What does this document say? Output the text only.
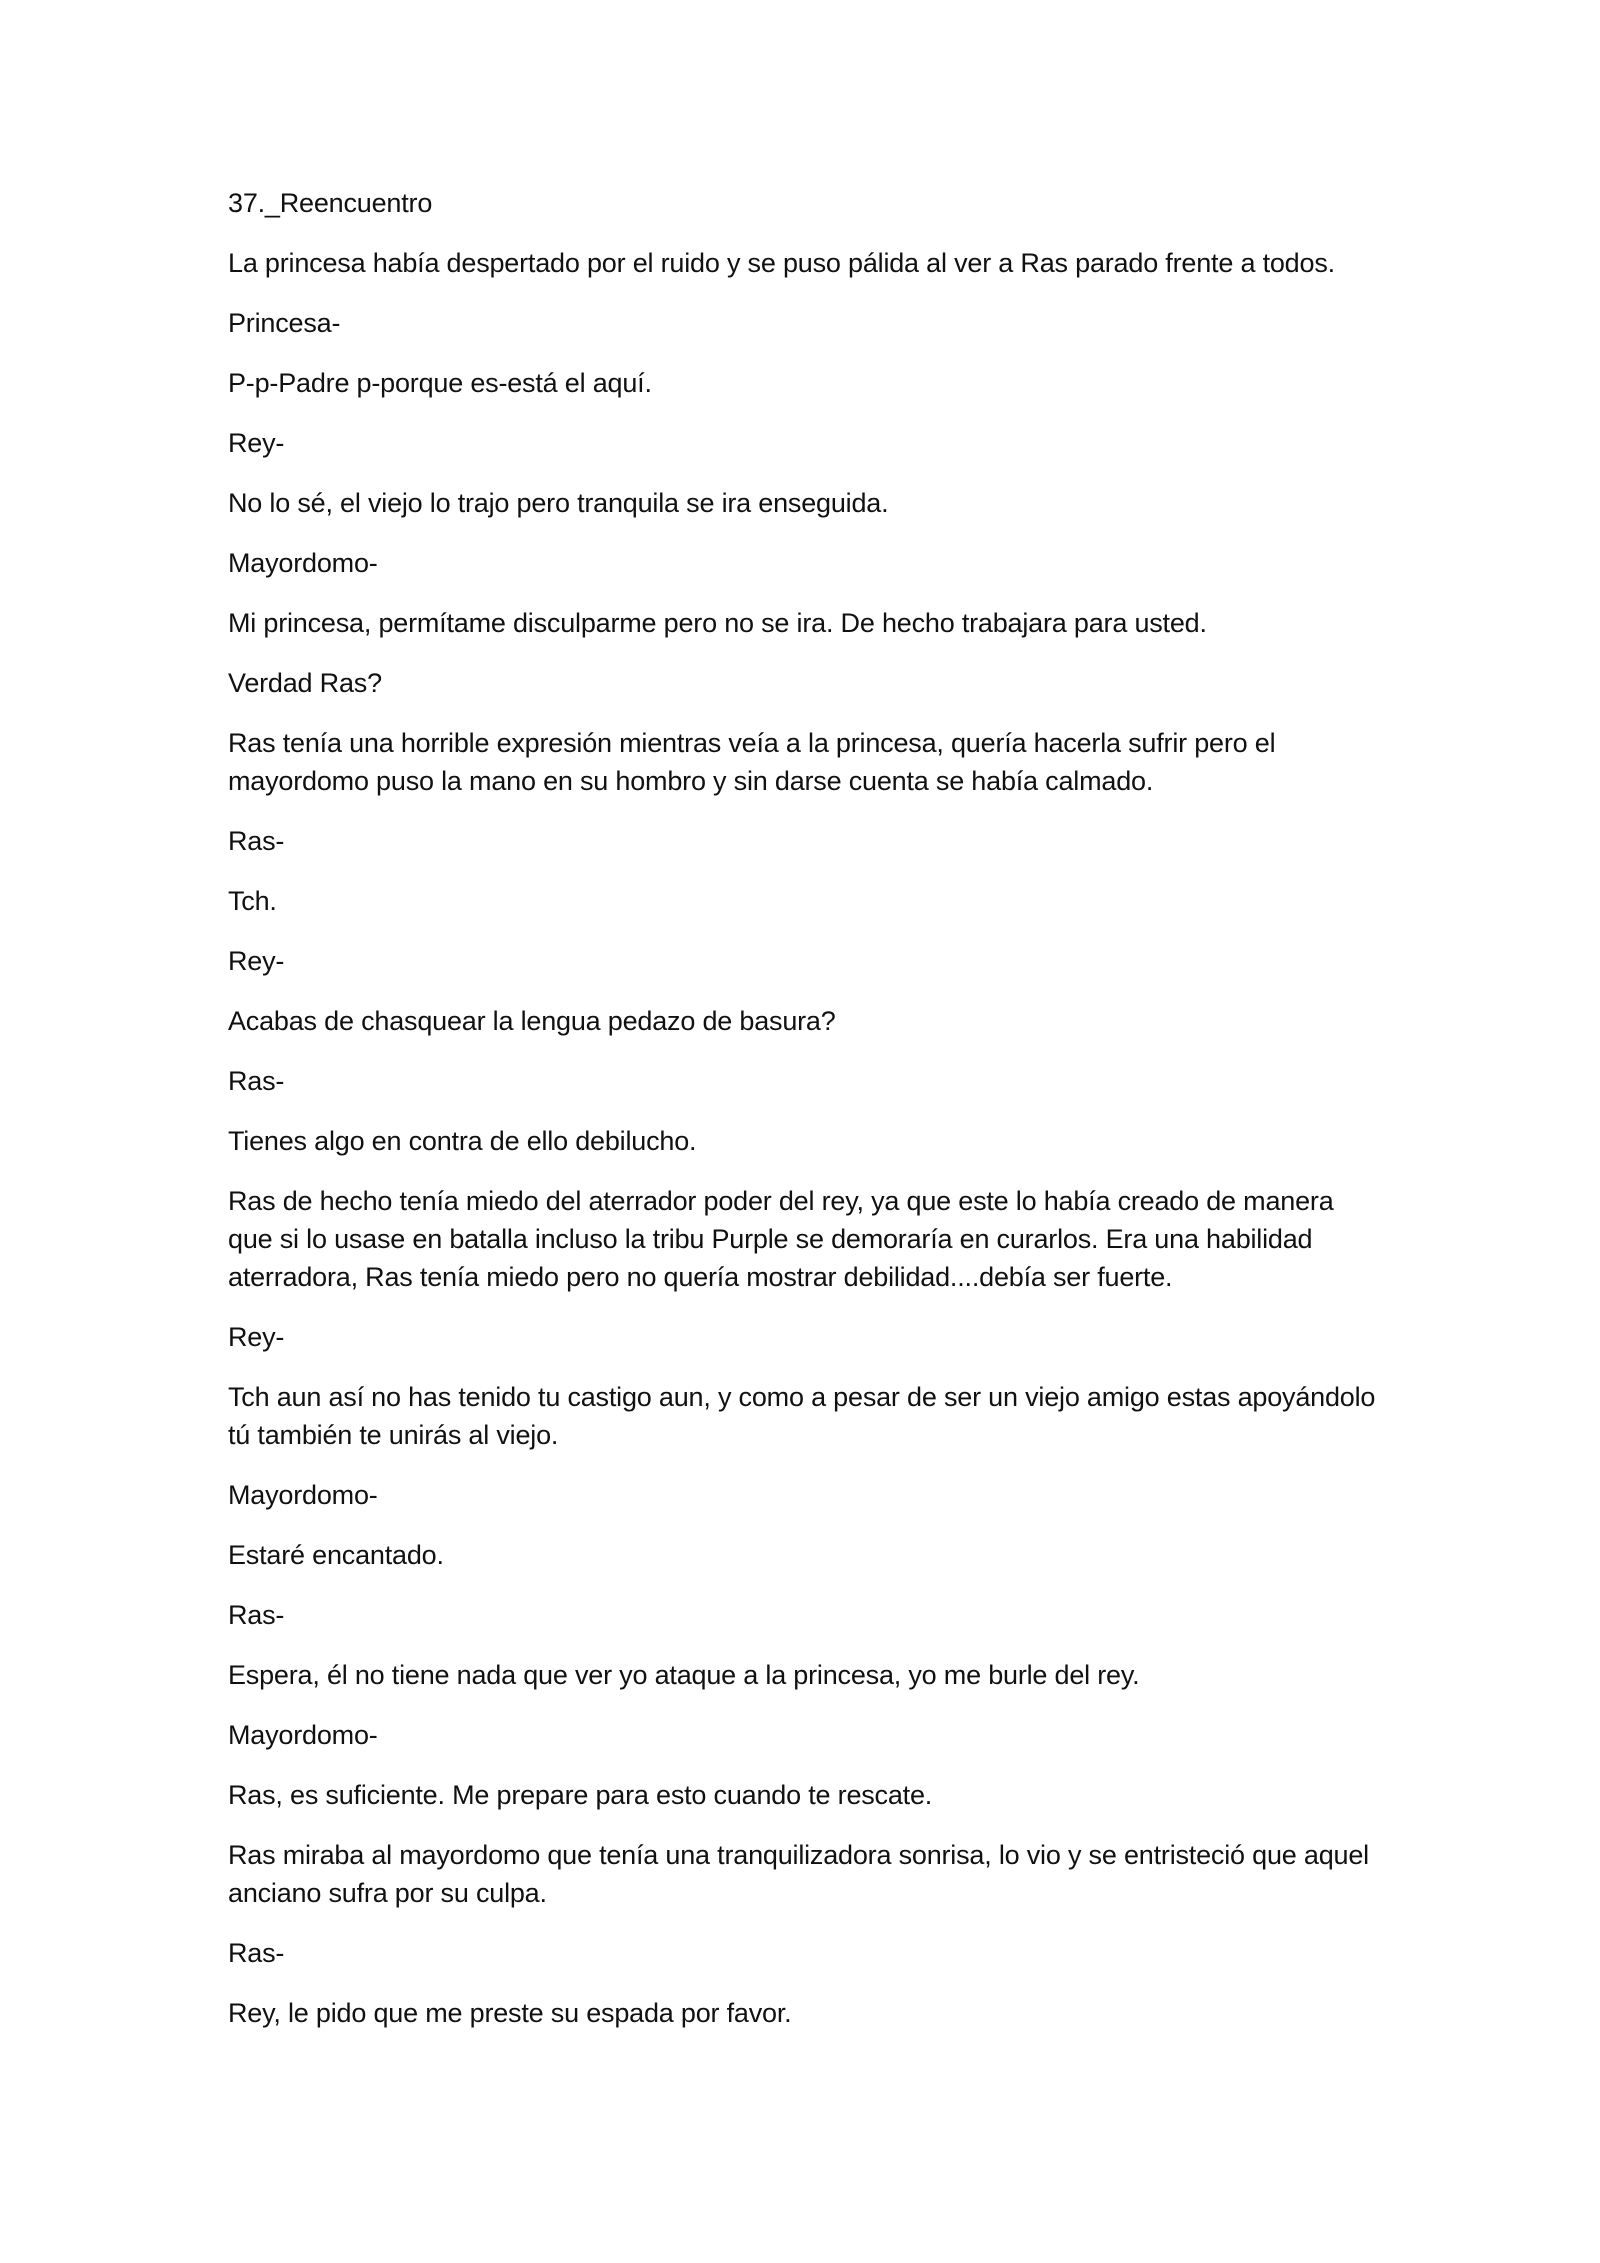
37._Reencuentro

La princesa había despertado por el ruido y se puso pálida al ver a Ras parado frente a todos.

Princesa-

P-p-Padre p-porque es-está el aquí.

Rey-

No lo sé, el viejo lo trajo pero tranquila se ira enseguida.

Mayordomo-

Mi princesa, permítame disculparme pero no se ira. De hecho trabajara para usted.

Verdad Ras?

Ras tenía una horrible expresión mientras veía a la princesa, quería hacerla sufrir pero el mayordomo puso la mano en su hombro y sin darse cuenta se había calmado.

Ras-

Tch.

Rey-

Acabas de chasquear la lengua pedazo de basura?

Ras-

Tienes algo en contra de ello debilucho.

Ras de hecho tenía miedo del aterrador poder del rey, ya que este lo había creado de manera que si lo usase en batalla incluso la tribu Purple se demoraría en curarlos. Era una habilidad aterradora, Ras tenía miedo pero no quería mostrar debilidad....debía ser fuerte.

Rey-

Tch aun así no has tenido tu castigo aun, y como a pesar de ser un viejo amigo estas apoyándolo tú también te unirás al viejo.

Mayordomo-

Estaré encantado.

Ras-

Espera, él no tiene nada que ver yo ataque a la princesa, yo me burle del rey.

Mayordomo-

Ras, es suficiente. Me prepare para esto cuando te rescate.

Ras miraba al mayordomo que tenía una tranquilizadora sonrisa, lo vio y se entristeció que aquel anciano sufra por su culpa.

Ras-

Rey, le pido que me preste su espada por favor.
